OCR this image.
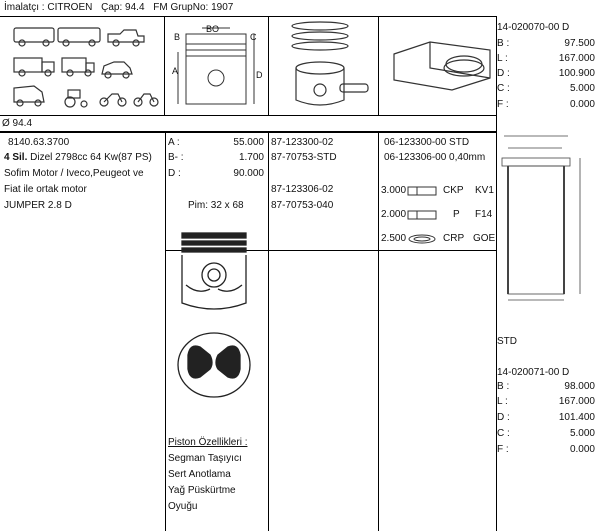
İmalatçı : CITROEN Çap: 94.4 FM GrupNo: 1907
B
BO
C
A	D
14-020070-00 D
B :	97.500
L :	167.000
D :	100.900
C :	5.000
F :	0.000
Ø 94.4
8140.63.3700
4 Sil. Dizel 2798cc 64 Kw(87 PS)
Sofim Motor / Iveco,Peugeot ve
Fiat ile ortak motor
JUMPER 2.8 D
A :	55.000
B- :	1.700
D :	90.000
Pim: 32 x 68
87-123300-02
87-70753-STD
87-123306-02
87-70753-040
06-123300-00 STD
06-123306-00 0,40mm
3.000	CKP KV1
2.000	P F14
2.500	CRP GOE
Piston Özellikleri :
Segman Taşıyıcı
Sert Anotlama
Yağ Püskürtme
Oyuğu
STD
14-020071-00 D
B :	98.000
L :	167.000
D :	101.400
C :	5.000
F :	0.000
